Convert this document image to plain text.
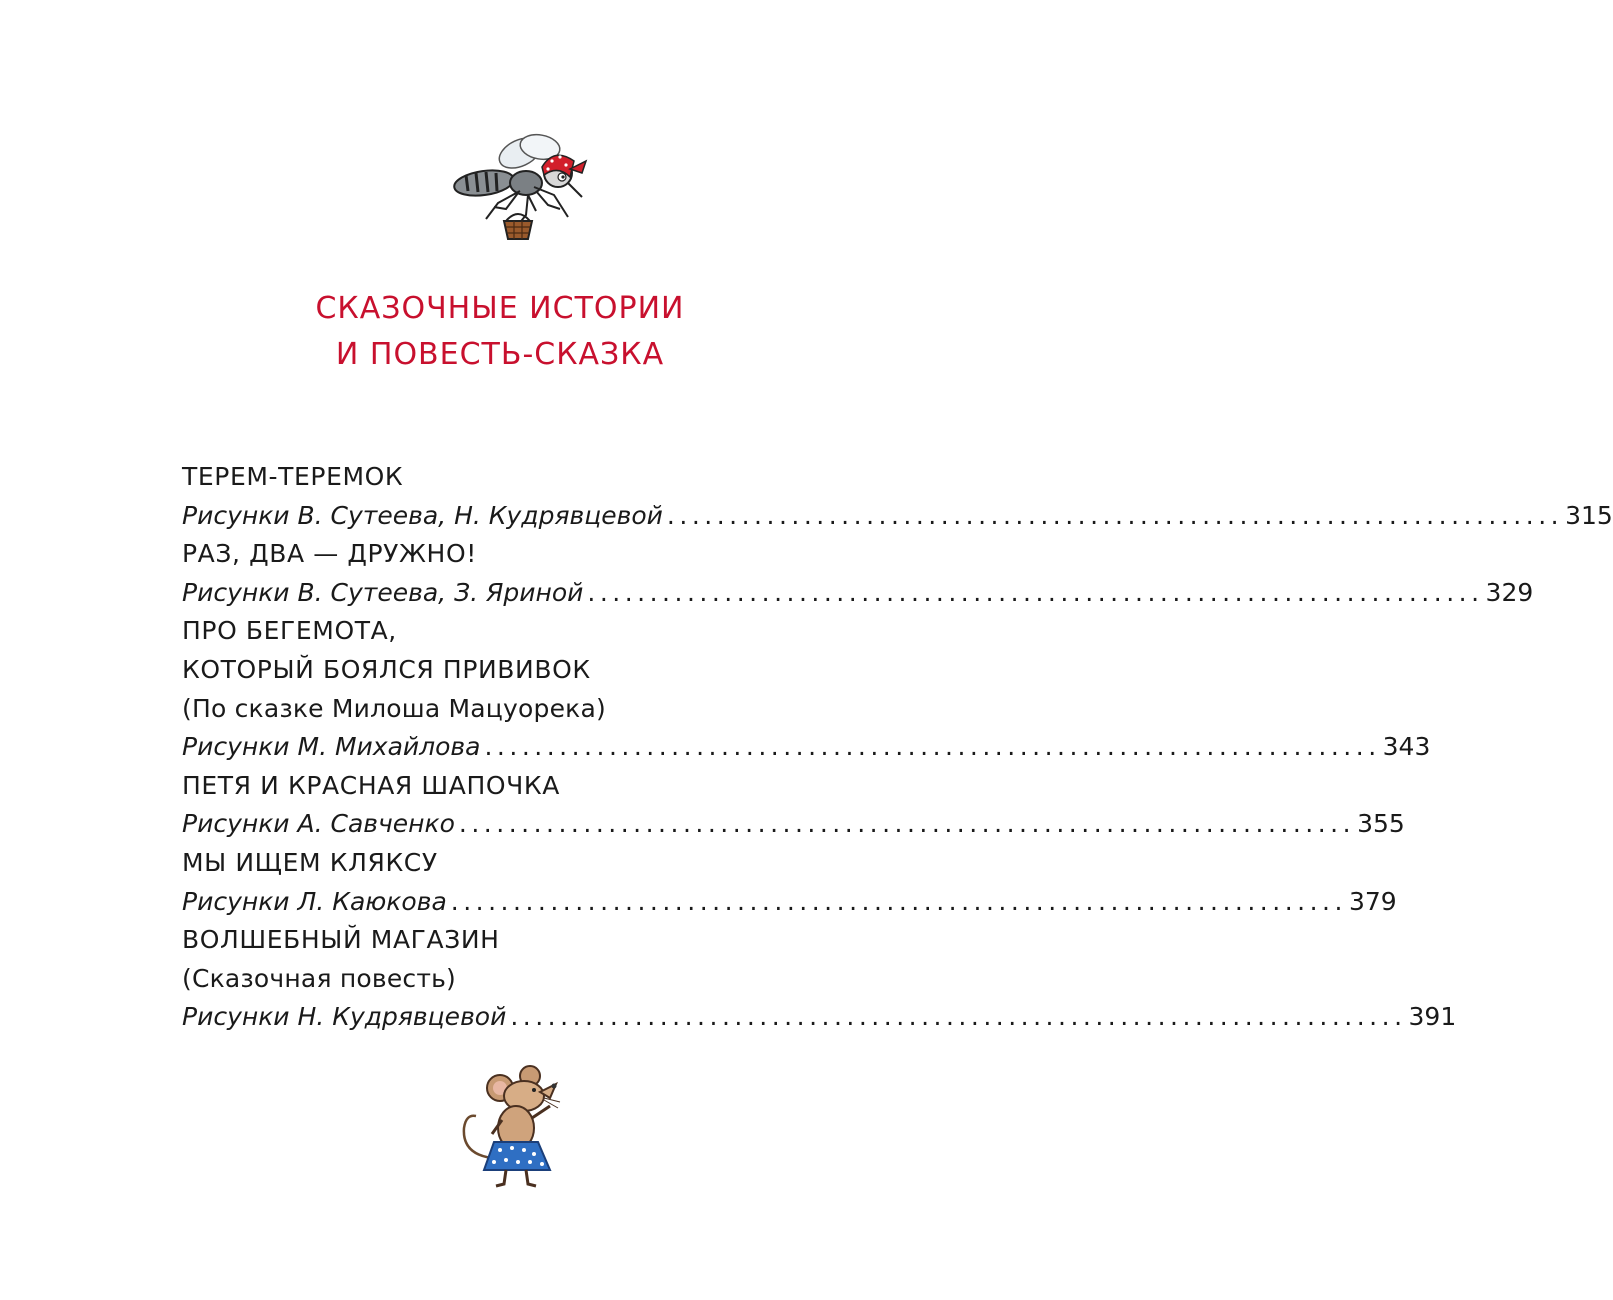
СКАЗОЧНЫЕ ИСТОРИИ
И ПОВЕСТЬ-СКАЗКА
ТЕРЕМ-ТЕРЕМОК
Рисунки В. Сутеева, Н. Кудрявцевой ........................................................................ 315
РАЗ, ДВА — ДРУЖНО!
Рисунки В. Сутеева, З. Яриной ........................................................................ 329
ПРО БЕГЕМОТА,
КОТОРЫЙ БОЯЛСЯ ПРИВИВОК
(По сказке Милоша Мацуорека)
Рисунки М. Михайлова ........................................................................ 343
ПЕТЯ И КРАСНАЯ ШАПОЧКА
Рисунки А. Савченко ........................................................................ 355
МЫ ИЩЕМ КЛЯКСУ
Рисунки Л. Каюкова ........................................................................ 379
ВОЛШЕБНЫЙ МАГАЗИН
(Сказочная повесть)
Рисунки Н. Кудрявцевой ........................................................................ 391
